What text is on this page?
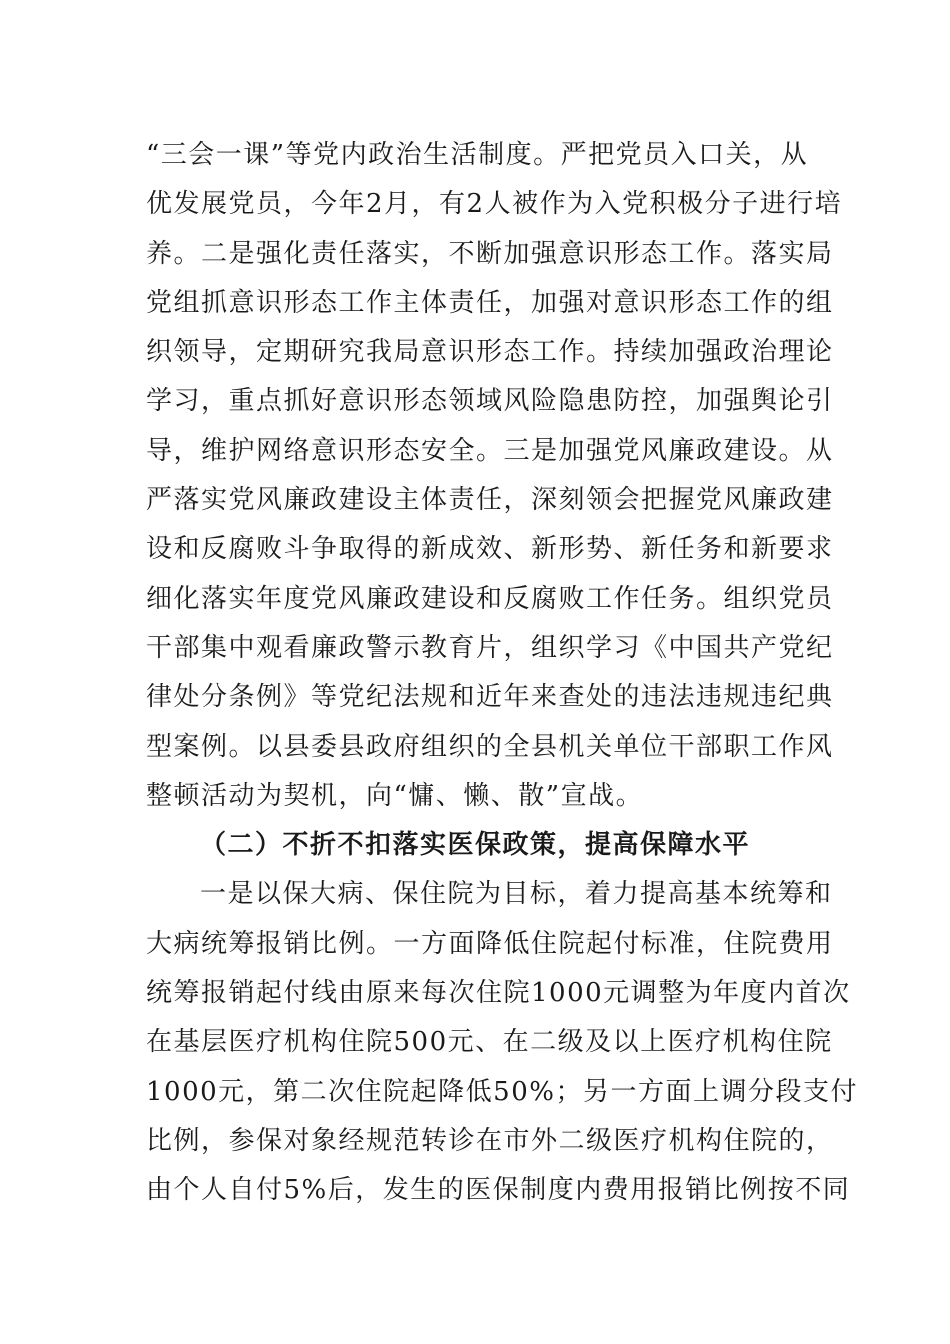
“三会一课”等党内政治生活制度。严把党员入口关，从
优发展党员，今年2月，有2人被作为入党积极分子进行培
养。二是强化责任落实，不断加强意识形态工作。落实局
党组抓意识形态工作主体责任，加强对意识形态工作的组
织领导，定期研究我局意识形态工作。持续加强政治理论
学习，重点抓好意识形态领域风险隐患防控，加强舆论引
导，维护网络意识形态安全。三是加强党风廉政建设。从
严落实党风廉政建设主体责任，深刻领会把握党风廉政建
设和反腐败斗争取得的新成效、新形势、新任务和新要求
细化落实年度党风廉政建设和反腐败工作任务。组织党员
干部集中观看廉政警示教育片，组织学习《中国共产党纪
律处分条例》等党纪法规和近年来查处的违法违规违纪典
型案例。以县委县政府组织的全县机关单位干部职工作风
整顿活动为契机，向“慵、懒、散”宣战。
（二）不折不扣落实医保政策，提高保障水平
一是以保大病、保住院为目标，着力提高基本统筹和
大病统筹报销比例。一方面降低住院起付标准，住院费用
统筹报销起付线由原来每次住院1000元调整为年度内首次
在基层医疗机构住院500元、在二级及以上医疗机构住院
1000元，第二次住院起降低50%；另一方面上调分段支付
比例，参保对象经规范转诊在市外二级医疗机构住院的，
由个人自付5%后，发生的医保制度内费用报销比例按不同
